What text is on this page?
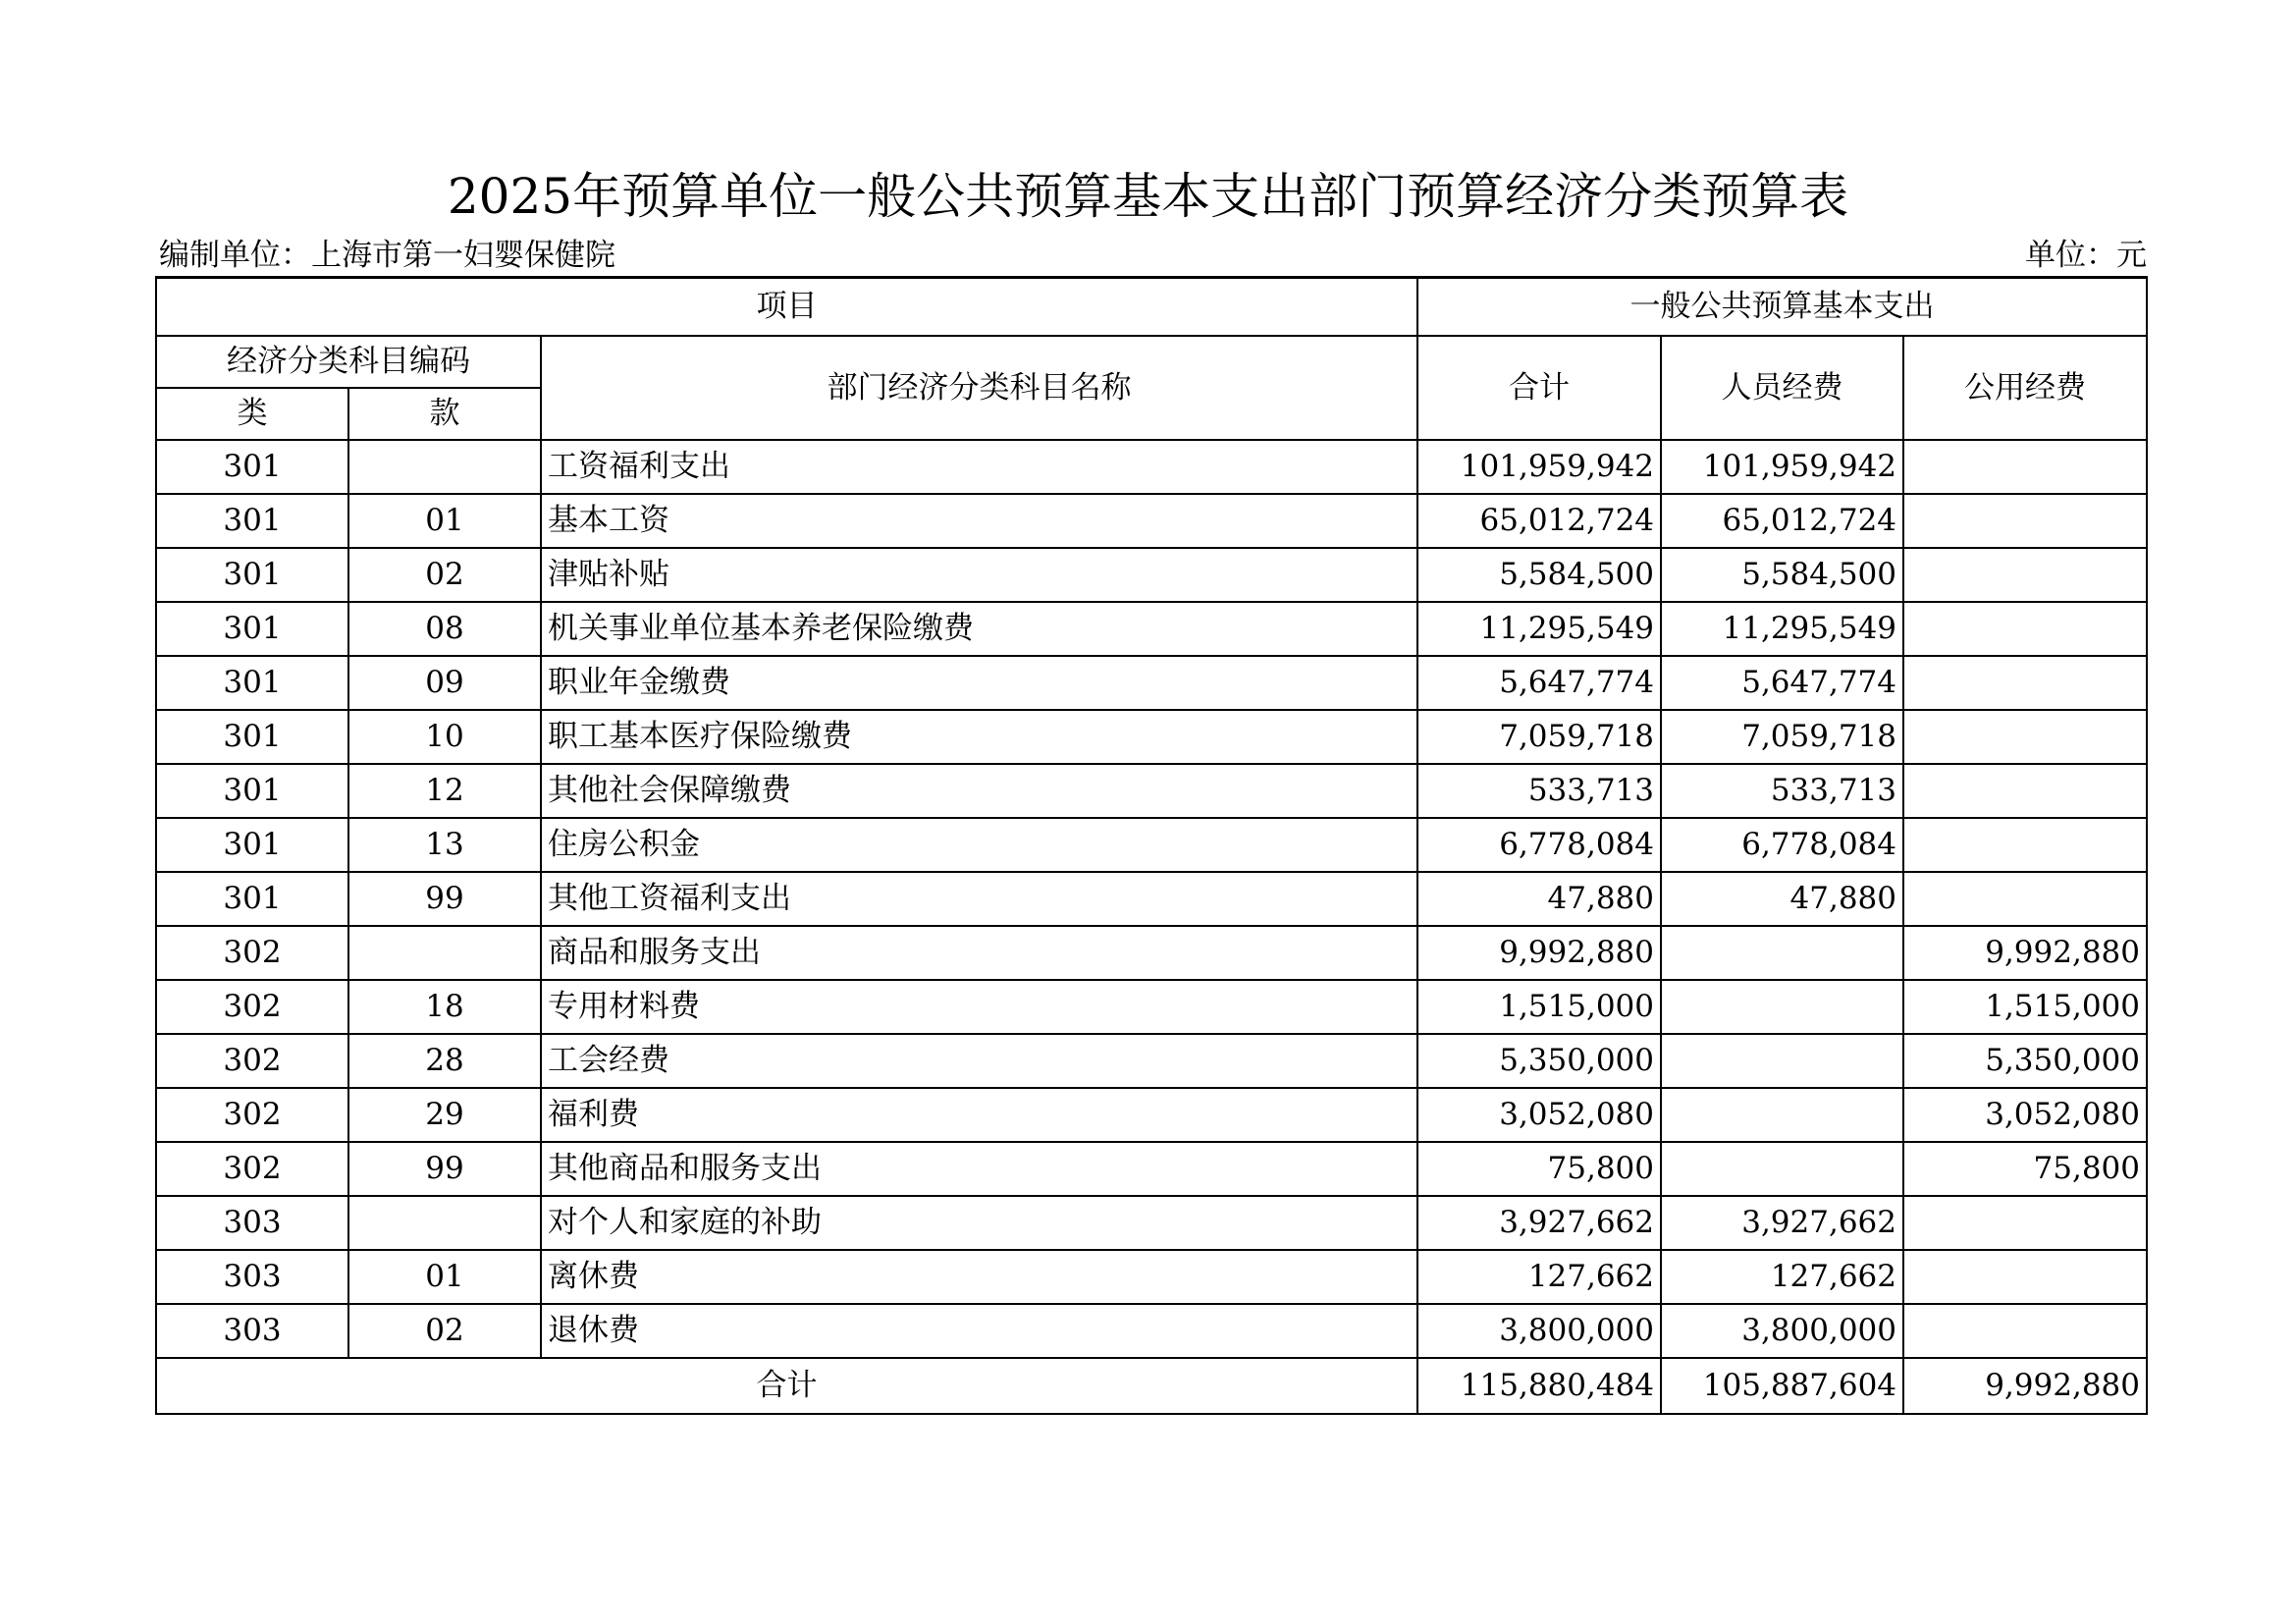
2025年预算单位一般公共预算基本支出部门预算经济分类预算表
编制单位：上海市第一妇婴保健院	单位：元
项目			一般公共预算基本支出		
经济分类科目编码		部门经济分类科目名称	合计	人员经费	公用经费
类	款				
301		工资福利支出	101,959,942	101,959,942	
301	01	基本工资	65,012,724	65,012,724	
301	02	津贴补贴	5,584,500	5,584,500	
301	08	机关事业单位基本养老保险缴费	11,295,549	11,295,549	
301	09	职业年金缴费	5,647,774	5,647,774	
301	10	职工基本医疗保险缴费	7,059,718	7,059,718	
301	12	其他社会保障缴费	533,713	533,713	
301	13	住房公积金	6,778,084	6,778,084	
301	99	其他工资福利支出	47,880	47,880	
302		商品和服务支出	9,992,880		9,992,880
302	18	专用材料费	1,515,000		1,515,000
302	28	工会经费	5,350,000		5,350,000
302	29	福利费	3,052,080		3,052,080
302	99	其他商品和服务支出	75,800		75,800
303		对个人和家庭的补助	3,927,662	3,927,662	
303	01	离休费	127,662	127,662	
303	02	退休费	3,800,000	3,800,000	
合计			115,880,484	105,887,604	9,992,880
